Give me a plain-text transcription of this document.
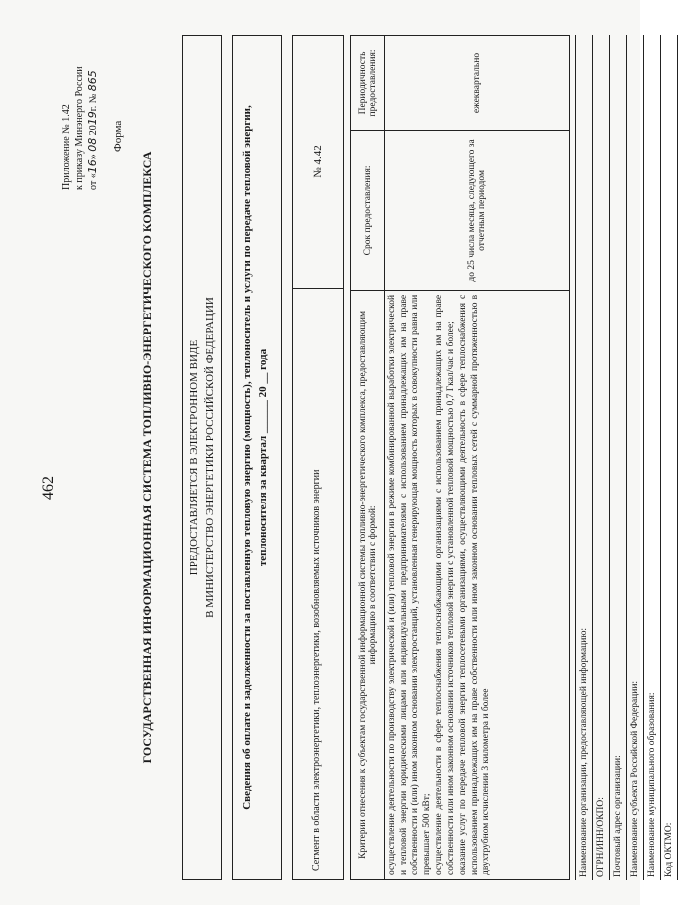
462
Приложение № 1.42 к приказу Минэнерго России от «16» 08 2019г. № 865
Форма
ГОСУДАРСТВЕННАЯ ИНФОРМАЦИОННАЯ СИСТЕМА ТОПЛИВНО-ЭНЕРГЕТИЧЕСКОГО КОМПЛЕКСА	ПРЕДОСТАВЛЯЕТСЯ В ЭЛЕКТРОННОМ ВИДЕ В МИНИСТЕРСТВО ЭНЕРГЕТИКИ РОССИЙСКОЙ ФЕДЕРАЦИИ Сведения об оплате и задолженности за поставленную тепловую энергию (мощность), теплоноситель и услуги по передаче тепловой энергии, теплоносителя за квартал ______ 20 __ года
Сегмент в области электроэнергетики, теплоэнергетики, возобновляемых источников энергии
№ 4.42
Критерии отнесения к субъектам государственной информационной системы топливно-энергетического комплекса, предоставляющим информацию в соответствии с формой:	Срок предоставления:	Периодичность предоставления:

осуществление деятельности по производству электрической и (или) тепловой энергии в режиме комбинированной выработки электрической и тепловой энергии юридическими лицами или индивидуальными предпринимателями с использованием принадлежащих им на праве собственности и (или) ином законном основании электростанций, установленная генерирующая мощность которых в совокупности равна или превышает 500 кВт; осуществление деятельности в сфере теплоснабжения теплоснабжающими организациями с использованием принадлежащих им на праве собственности или ином законном основании источников тепловой энергии с установленной тепловой мощностью 0,7 Гкал/час и более; оказание услуг по передаче тепловой энергии теплосетевыми организациями, осуществляющими деятельность в сфере теплоснабжения с использованием принадлежащих им на праве собственности или ином законном основании тепловых сетей с суммарной протяженностью в двухтрубном исчислении 3 километра и более	до 25 числа месяца, следующего за отчетным периодом	ежеквартально
Наименование организации, предоставляющей информацию: ОГРН/ИНН/ОКПО: Почтовый адрес организации: Наименование субъекта Российской Федерации: Наименование муниципального образования: Код ОКТМО:
